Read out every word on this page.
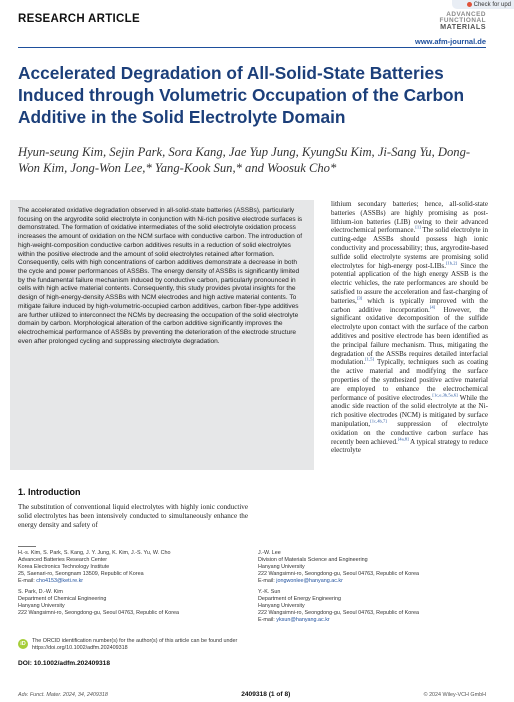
Check for upd
RESEARCH ARTICLE	ADVANCED
FUNCTIONAL
MATERIALS
www.afm-journal.de
Accelerated Degradation of All-Solid-State Batteries Induced through Volumetric Occupation of the Carbon Additive in the Solid Electrolyte Domain
Hyun-seung Kim, Sejin Park, Sora Kang, Jae Yup Jung, KyungSu Kim, Ji-Sang Yu, Dong-Won Kim, Jong-Won Lee,* Yang-Kook Sun,* and Woosuk Cho*

The accelerated oxidative degradation observed in all-solid-state batteries (ASSBs), particularly focusing on the argyrodite solid electrolyte in conjunction with Ni-rich positive electrode surfaces is demonstrated. The formation of oxidative intermediates of the solid electrolyte oxidation process increases the amount of oxidation on the NCM surface with conductive carbon. The introduction of high-weight-composition conductive carbon additives results in a reduction of solid electrolytes within the positive electrode and the amount of solid electrolytes retained after formation. Consequently, cells with high concentrations of carbon additives demonstrate a decrease in both the cycle and power performances of ASSBs. The energy density of ASSBs is significantly limited by the fundamental failure mechanism induced by conductive carbon, particularly pronounced in cells with high active material contents. Consequently, this study provides pivotal insights for the design of high-energy-density ASSBs with NCM electrodes and high active material contents. To mitigate failure induced by high-volumetric-occupied carbon additives, carbon fiber-type additives are further utilized to interconnect the NCMs by decreasing the occupation of the solid electrolyte domain by carbon. Morphological alteration of the carbon additive significantly improves the electrochemical performance of ASSBs by preventing the deterioration of the electrode structure even after prolonged cycling and suppressing electrolyte degradation.

lithium secondary batteries; hence, all-solid-state batteries (ASSBs) are highly promising as post-lithium-ion batteries (LIB) owing to their advanced electrochemical performance.[1] The solid electrolyte in cutting-edge ASSBs should possess high ionic conductivity and processability; thus, argyrodite-based sulfide solid electrolyte systems are promising solid electrolytes for high-energy post-LIBs.[1b,2] Since the potential application of the high energy ASSB is the electric vehicles, the rate performances are should be satisfied to assure the acceleration and fast-charging of batteries,[3] which is typically improved with the carbon additive incorporation.[4] However, the significant oxidative decomposition of the sulfide electrolyte upon contact with the surface of the carbon additives and positive electrode has been identified as the principal failure mechanism. Thus, mitigating the degradation of the ASSBs requires detailed interfacial modulation.[1,5] Typically, techniques such as coating the active material and modifying the surface properties of the synthesized positive active material are employed to enhance the electrochemical performance of positive electrodes.[1c,e,3b,5a,6] While the anodic side reaction of the solid electrolyte at the Ni-rich positive electrodes (NCM) is mitigated by surface manipulation,[1c,4b,7] suppression of electrolyte oxidation on the conductive carbon surface has recently been achieved.[4a,8] A typical strategy to reduce electrolyte
1. Introduction
The substitution of conventional liquid electrolytes with highly ionic conductive solid electrolytes has been intensively conducted to simultaneously enhance the energy density and safety of
H.-s. Kim, S. Park, S. Kang, J. Y. Jung, K. Kim, J.-S. Yu, W. Cho
Advanced Batteries Research Center
Korea Electronics Technology Institute
25, Saenari-ro, Seongnam 13509, Republic of Korea
E-mail: cho4153@keti.re.kr
S. Park, D.-W. Kim
Department of Chemical Engineering
Hanyang University
222 Wangsimni-ro, Seongdong-gu, Seoul 04763, Republic of Korea
J.-W. Lee
Division of Materials Science and Engineering
Hanyang University
222 Wangsimni-ro, Seongdong-gu, Seoul 04763, Republic of Korea
E-mail: jongwonlee@hanyang.ac.kr
Y.-K. Sun
Department of Energy Engineering
Hanyang University
222 Wangsimni-ro, Seongdong-gu, Seoul 04763, Republic of Korea
E-mail: yksun@hanyang.ac.kr
iD	The ORCID identification number(s) for the author(s) of this article can be found under https://doi.org/10.1002/adfm.202409318
DOI: 10.1002/adfm.202409318
Adv. Funct. Mater. 2024, 34, 2409318	2409318 (1 of 8)	© 2024 Wiley-VCH GmbH
